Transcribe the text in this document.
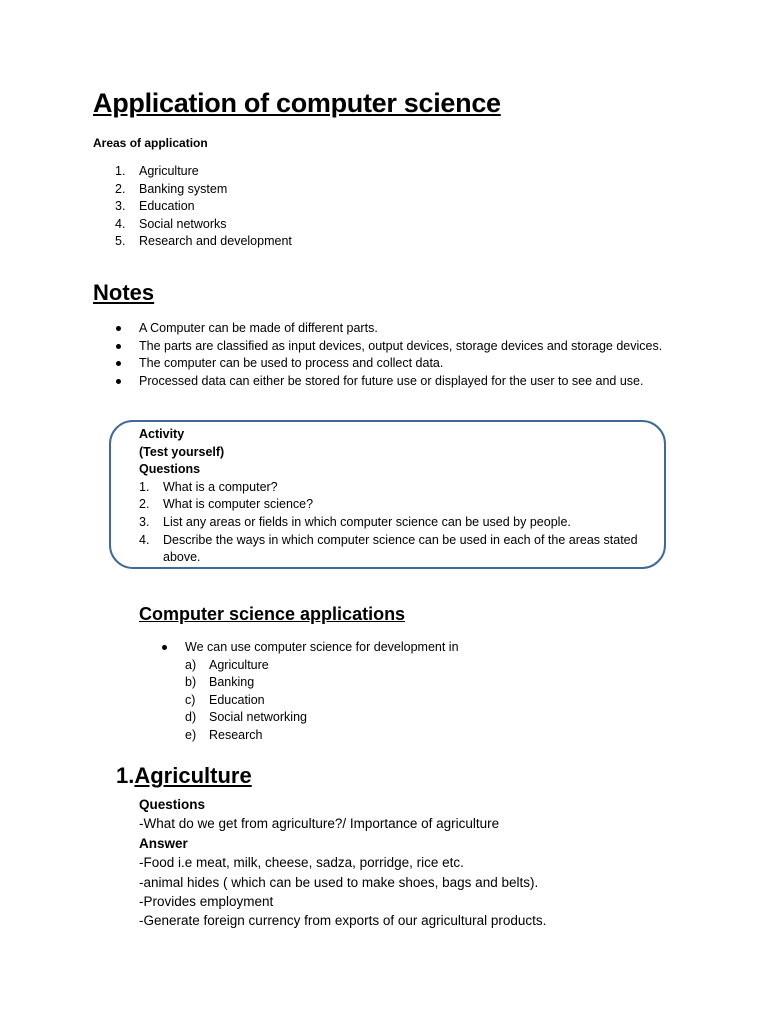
Application of computer science
Areas of application
1. Agriculture
2. Banking system
3. Education
4. Social networks
5. Research and development
Notes
A Computer can be made of different parts.
The parts are classified as input devices, output devices, storage devices and storage devices.
The computer can be used to process and collect data.
Processed data can either be stored for future use or displayed for the user to see and use.
Activity
(Test yourself)
Questions
1. What is a computer?
2. What is computer science?
3. List any areas or fields in which computer science can be used by people.
4. Describe the ways in which computer science can be used in each of the areas stated above.
Computer science applications
We can use computer science for development in
a) Agriculture
b) Banking
c) Education
d) Social networking
e) Research
1.Agriculture
Questions
-What do we get from agriculture?/ Importance of agriculture
Answer
-Food i.e meat, milk, cheese, sadza, porridge, rice etc.
-animal hides ( which can be used to make shoes, bags and belts).
-Provides employment
-Generate foreign currency from exports of our agricultural products.
